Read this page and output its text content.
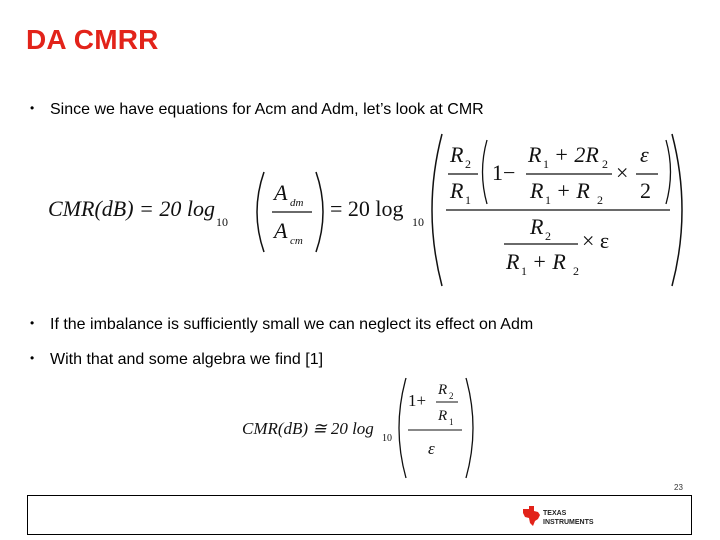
DA CMRR
• Since we have equations for Acm and Adm, let’s look at CMR
CMR(dB) = 20 log
10
A dm
A cm
= 20 log
10
R 2
R 1
1−
R 1 + 2R 2
R 1 + R 2
×
ε
2
R 2
R 1 + R 2
× ε
• If the imbalance is sufficiently small we can neglect its effect on Adm
• With that and some algebra we find [1]
CMR(dB) ≅ 20 log
10
1+
R 2
R 1
ε
23
TEXAS
INSTRUMENTS
